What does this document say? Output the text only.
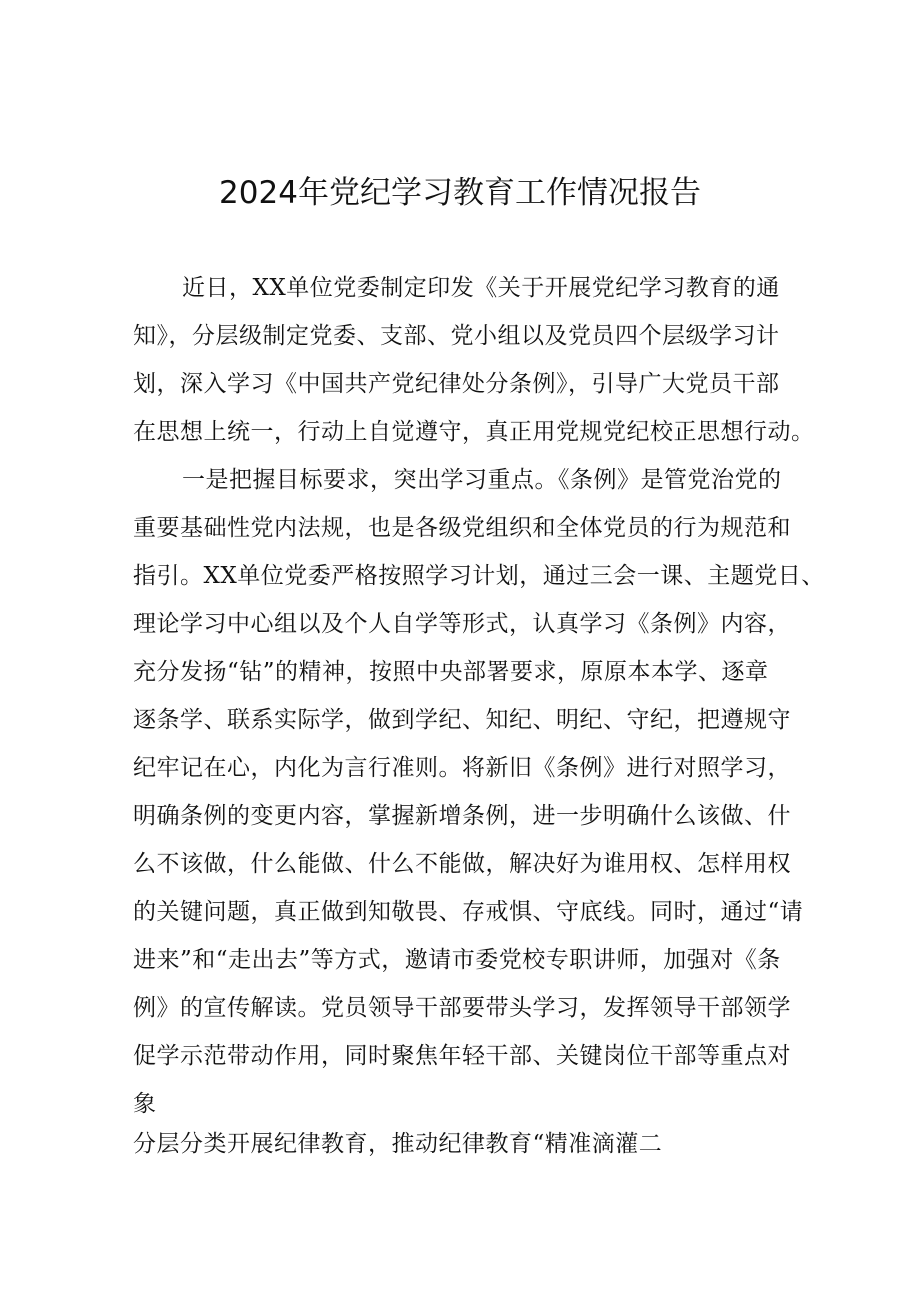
2024年党纪学习教育工作情况报告
近日，XX单位党委制定印发《关于开展党纪学习教育的通
知》，分层级制定党委、支部、党小组以及党员四个层级学习计
划，深入学习《中国共产党纪律处分条例》，引导广大党员干部
在思想上统一，行动上自觉遵守，真正用党规党纪校正思想行动。
一是把握目标要求，突出学习重点。《条例》是管党治党的
重要基础性党内法规，也是各级党组织和全体党员的行为规范和
指引。XX单位党委严格按照学习计划，通过三会一课、主题党日、
理论学习中心组以及个人自学等形式，认真学习《条例》内容，
充分发扬“钻”的精神，按照中央部署要求，原原本本学、逐章
逐条学、联系实际学，做到学纪、知纪、明纪、守纪，把遵规守
纪牢记在心，内化为言行准则。将新旧《条例》进行对照学习，
明确条例的变更内容，掌握新增条例，进一步明确什么该做、什
么不该做，什么能做、什么不能做，解决好为谁用权、怎样用权
的关键问题，真正做到知敬畏、存戒惧、守底线。同时，通过“请
进来”和“走出去”等方式，邀请市委党校专职讲师，加强对《条
例》的宣传解读。党员领导干部要带头学习，发挥领导干部领学
促学示范带动作用，同时聚焦年轻干部、关键岗位干部等重点对
象
分层分类开展纪律教育，推动纪律教育“精准滴灌二
